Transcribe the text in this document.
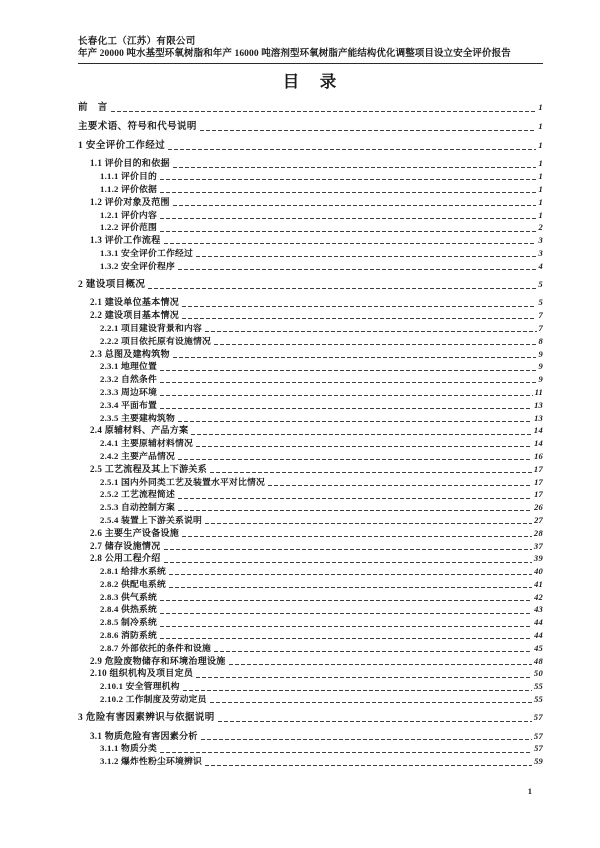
长春化工（江苏）有限公司
年产 20000 吨水基型环氧树脂和年产 16000 吨溶剂型环氧树脂产能结构优化调整项目设立安全评价报告
目　录
前　言	1
主要术语、符号和代号说明	1
1 安全评价工作经过	1
1.1 评价目的和依据	1
1.1.1 评价目的	1
1.1.2 评价依据	1
1.2 评价对象及范围	1
1.2.1 评价内容	1
1.2.2 评价范围	2
1.3 评价工作流程	3
1.3.1 安全评价工作经过	3
1.3.2 安全评价程序	4
2 建设项目概况	5
2.1 建设单位基本情况	5
2.2 建设项目基本情况	7
2.2.1 项目建设背景和内容	7
2.2.2 项目依托原有设施情况	8
2.3 总图及建构筑物	9
2.3.1 地理位置	9
2.3.2 自然条件	9
2.3.3 周边环境	11
2.3.4 平面布置	13
2.3.5 主要建构筑物	13
2.4 原辅材料、产品方案	14
2.4.1 主要原辅材料情况	14
2.4.2 主要产品情况	16
2.5 工艺流程及其上下游关系	17
2.5.1 国内外同类工艺及装置水平对比情况	17
2.5.2 工艺流程简述	17
2.5.3 自动控制方案	26
2.5.4 装置上下游关系说明	27
2.6 主要生产设备设施	28
2.7 储存设施情况	37
2.8 公用工程介绍	39
2.8.1 给排水系统	40
2.8.2 供配电系统	41
2.8.3 供气系统	42
2.8.4 供热系统	43
2.8.5 制冷系统	44
2.8.6 消防系统	44
2.8.7 外部依托的条件和设施	45
2.9 危险废物储存和环境治理设施	48
2.10 组织机构及项目定员	50
2.10.1 安全管理机构	55
2.10.2 工作制度及劳动定员	55
3 危险有害因素辨识与依据说明	57
3.1 物质危险有害因素分析	57
3.1.1 物质分类	57
3.1.2 爆炸性粉尘环境辨识	59
1
